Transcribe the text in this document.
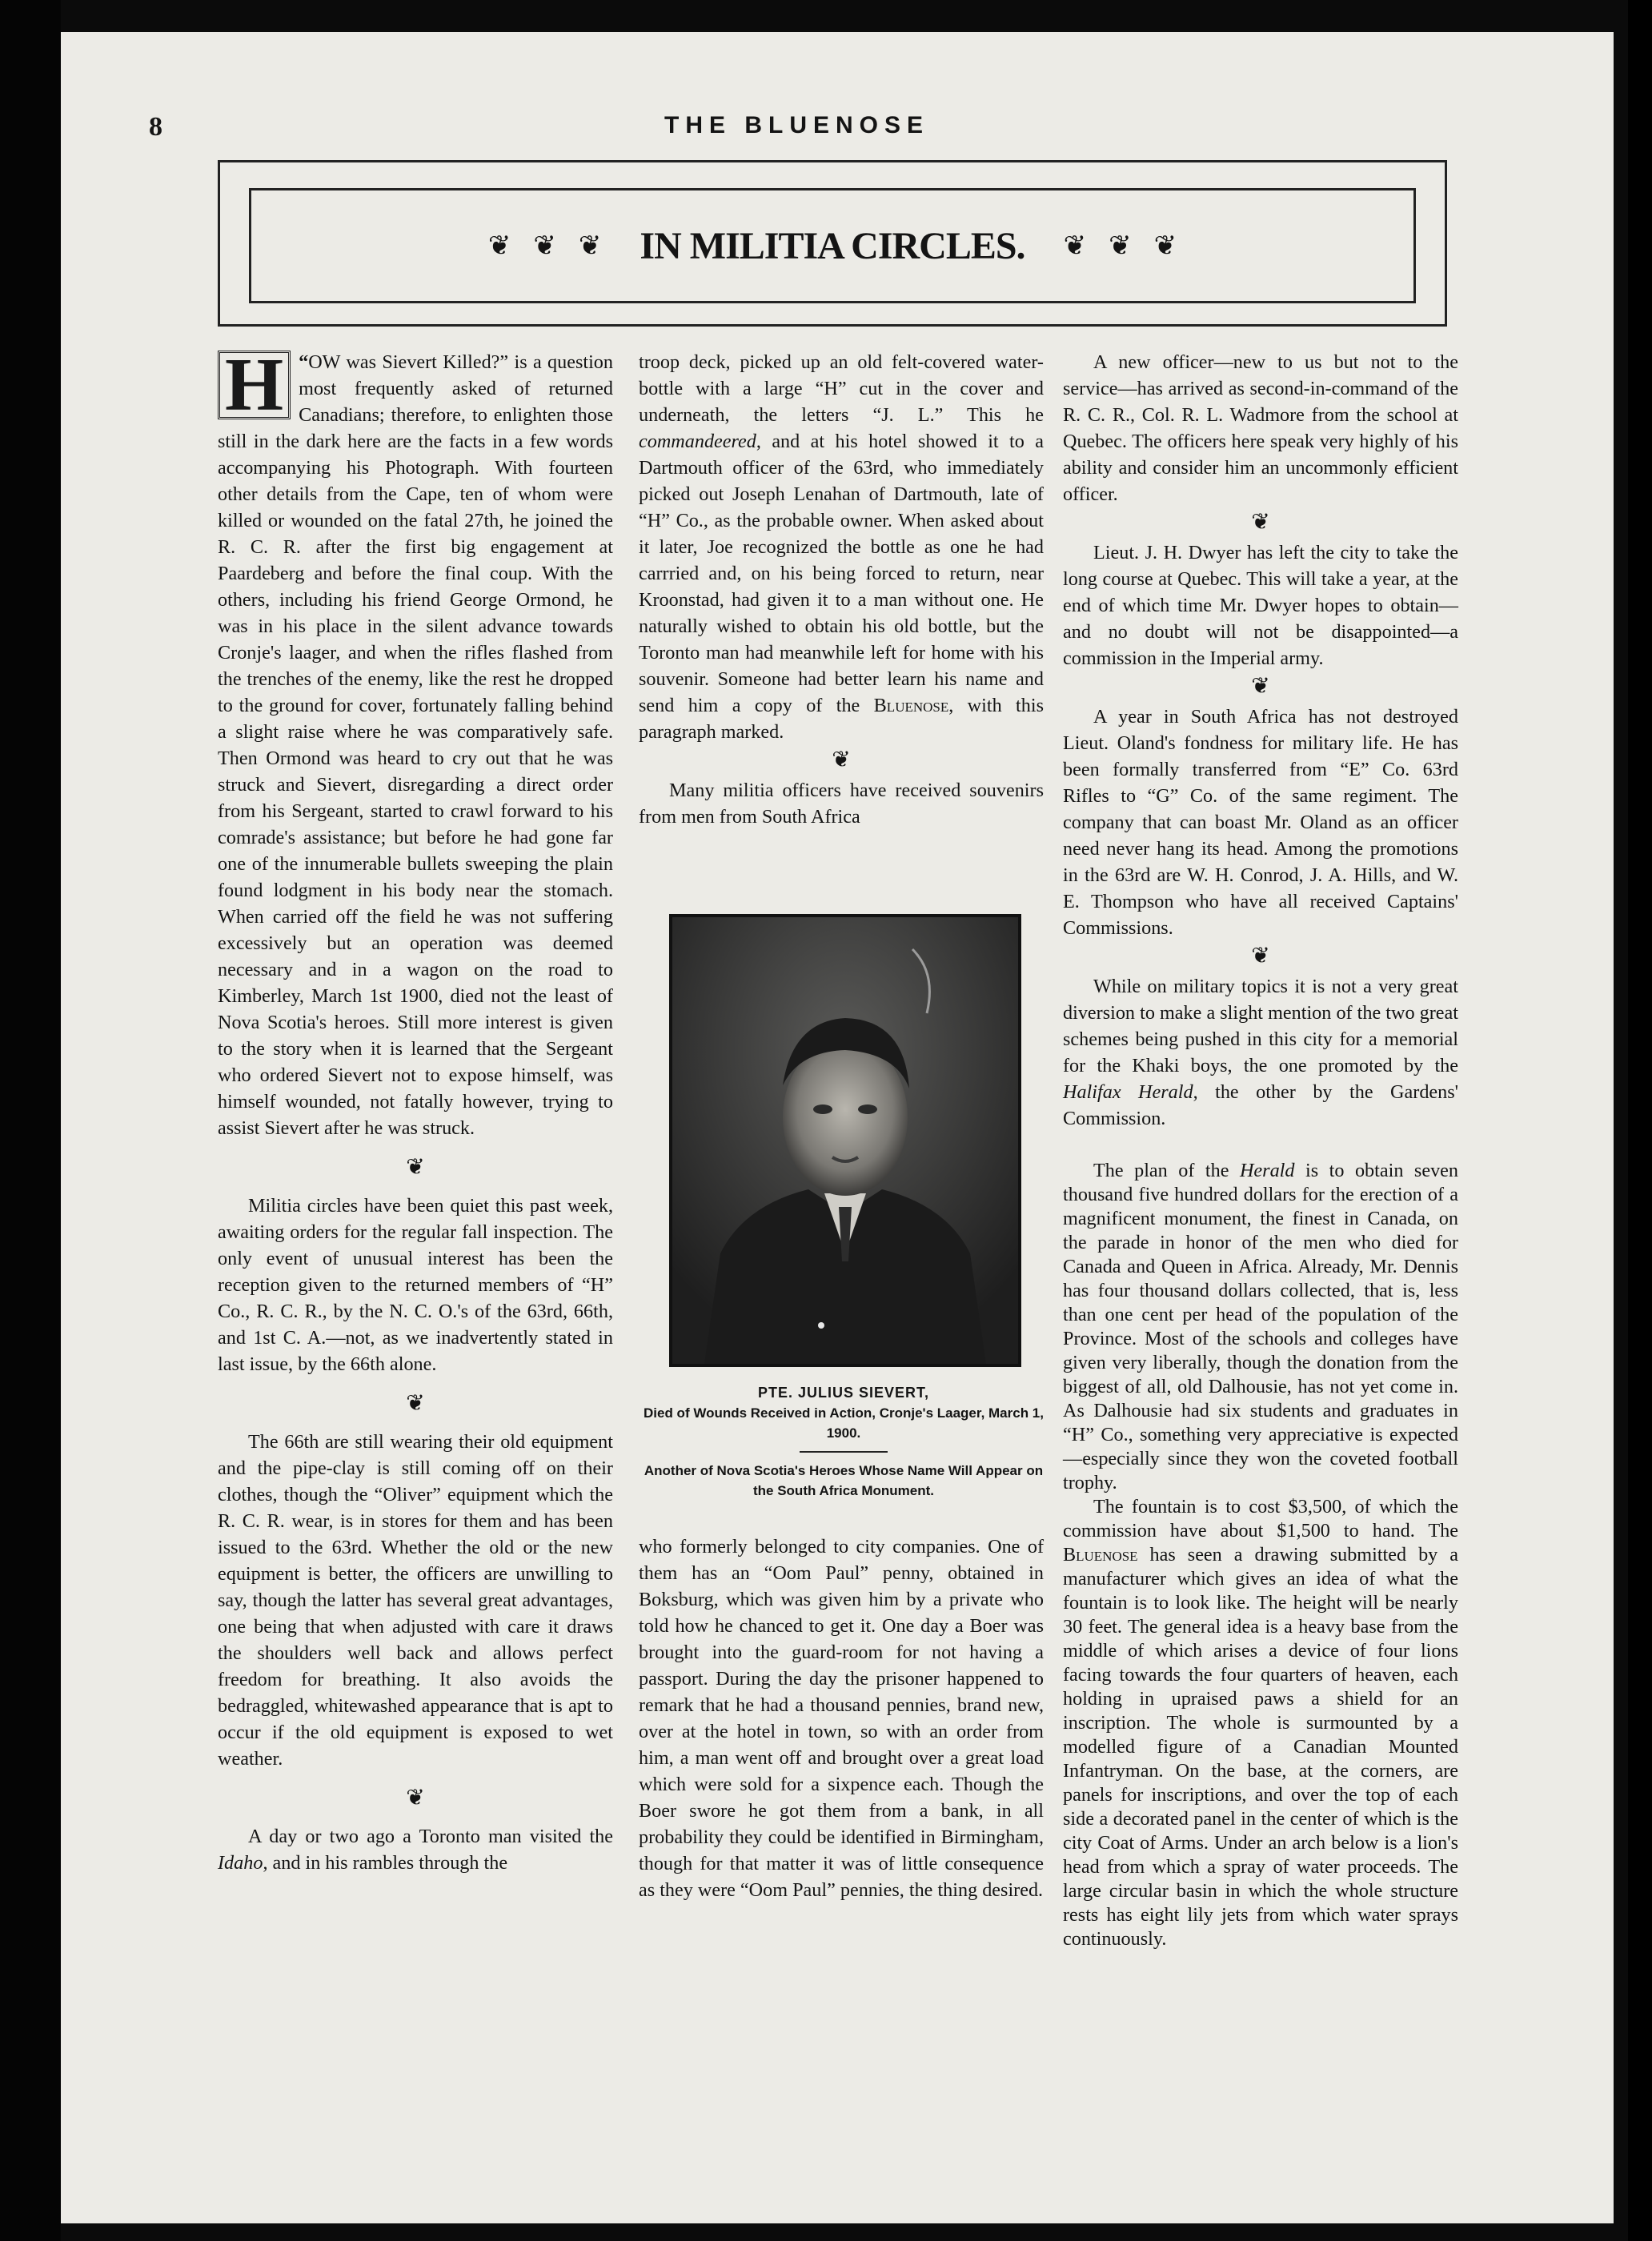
8	THE BLUENOSE
❦ ❦ ❦ IN MILITIA CIRCLES. ❦ ❦ ❦

“
H	OW was Sievert Killed?” is a question most frequently asked of returned Canadians; therefore, to enlighten those still in the dark here are the facts in a few words accompanying his Photograph. With fourteen other details from the Cape, ten of whom were killed or wounded on the fatal 27th, he joined the R. C. R. after the first big engagement at Paardeberg and before the final coup. With the others, including his friend George Ormond, he was in his place in the silent advance towards Cronje's laager, and when the rifles flashed from the trenches of the enemy, like the rest he dropped to the ground for cover, fortunately falling behind a slight raise where he was comparatively safe. Then Ormond was heard to cry out that he was struck and Sievert, disregarding a direct order from his Sergeant, started to crawl forward to his comrade's assistance; but before he had gone far one of the innumerable bullets sweeping the plain found lodgment in his body near the stomach. When carried off the field he was not suffering excessively but an operation was deemed necessary and in a wagon on the road to Kimberley, March 1st 1900, died not the least of Nova Scotia's heroes. Still more interest is given to the story when it is learned that the Sergeant who ordered Sievert not to expose himself, was himself wounded, not fatally however, trying to assist Sievert after he was struck.

❦

Militia circles have been quiet this past week, awaiting orders for the regular fall inspection. The only event of unusual interest has been the reception given to the returned members of “H” Co., R. C. R., by the N. C. O.'s of the 63rd, 66th, and 1st C. A.—not, as we inadvertently stated in last issue, by the 66th alone.

❦

The 66th are still wearing their old equipment and the pipe-clay is still coming off on their clothes, though the “Oliver” equipment which the R. C. R. wear, is in stores for them and has been issued to the 63rd. Whether the old or the new equipment is better, the officers are unwilling to say, though the latter has several great advantages, one being that when adjusted with care it draws the shoulders well back and allows perfect freedom for breathing. It also avoids the bedraggled, whitewashed appearance that is apt to occur if the old equipment is exposed to wet weather.

❦

A day or two ago a Toronto man visited the Idaho, and in his rambles through the

troop deck, picked up an old felt-covered water-bottle with a large “H” cut in the cover and underneath, the letters “J. L.” This he commandeered, and at his hotel showed it to a Dartmouth officer of the 63rd, who immediately picked out Joseph Lenahan of Dartmouth, late of “H” Co., as the probable owner. When asked about it later, Joe recognized the bottle as one he had carrried and, on his being forced to return, near Kroonstad, had given it to a man without one. He naturally wished to obtain his old bottle, but the Toronto man had meanwhile left for home with his souvenir. Someone had better learn his name and send him a copy of the Bluenose, with this paragraph marked.

❦

Many militia officers have received souvenirs from men from South Africa

PTE. JULIUS SIEVERT,
Died of Wounds Received in Action, Cronje's Laager, March 1, 1900.
Another of Nova Scotia's Heroes Whose Name Will Appear on the South Africa Monument.

who formerly belonged to city companies. One of them has an “Oom Paul” penny, obtained in Boksburg, which was given him by a private who told how he chanced to get it. One day a Boer was brought into the guard-room for not having a passport. During the day the prisoner happened to remark that he had a thousand pennies, brand new, over at the hotel in town, so with an order from him, a man went off and brought over a great load which were sold for a sixpence each. Though the Boer swore he got them from a bank, in all probability they could be identified in Birmingham, though for that matter it was of little consequence as they were “Oom Paul” pennies, the thing desired.

A new officer—new to us but not to the service—has arrived as second-in-command of the R. C. R., Col. R. L. Wadmore from the school at Quebec. The officers here speak very highly of his ability and consider him an uncommonly efficient officer.

❦

Lieut. J. H. Dwyer has left the city to take the long course at Quebec. This will take a year, at the end of which time Mr. Dwyer hopes to obtain—and no doubt will not be disappointed—a commission in the Imperial army.

❦

A year in South Africa has not destroyed Lieut. Oland's fondness for military life. He has been formally transferred from “E” Co. 63rd Rifles to “G” Co. of the same regiment. The company that can boast Mr. Oland as an officer need never hang its head. Among the promotions in the 63rd are W. H. Conrod, J. A. Hills, and W. E. Thompson who have all received Captains' Commissions.

❦

While on military topics it is not a very great diversion to make a slight mention of the two great schemes being pushed in this city for a memorial for the Khaki boys, the one promoted by the Halifax Herald, the other by the Gardens' Commission.

The plan of the Herald is to obtain seven thousand five hundred dollars for the erection of a magnificent monument, the finest in Canada, on the parade in honor of the men who died for Canada and Queen in Africa. Already, Mr. Dennis has four thousand dollars collected, that is, less than one cent per head of the population of the Province. Most of the schools and colleges have given very liberally, though the donation from the biggest of all, old Dalhousie, has not yet come in. As Dalhousie had six students and graduates in “H” Co., something very appreciative is expected—especially since they won the coveted football trophy.

The fountain is to cost $3,500, of which the commission have about $1,500 to hand. The Bluenose has seen a drawing submitted by a manufacturer which gives an idea of what the fountain is to look like. The height will be nearly 30 feet. The general idea is a heavy base from the middle of which arises a device of four lions facing towards the four quarters of heaven, each holding in upraised paws a shield for an inscription. The whole is surmounted by a modelled figure of a Canadian Mounted Infantryman. On the base, at the corners, are panels for inscriptions, and over the top of each side a decorated panel in the center of which is the city Coat of Arms. Under an arch below is a lion's head from which a spray of water proceeds. The large circular basin in which the whole structure rests has eight lily jets from which water sprays continuously.
